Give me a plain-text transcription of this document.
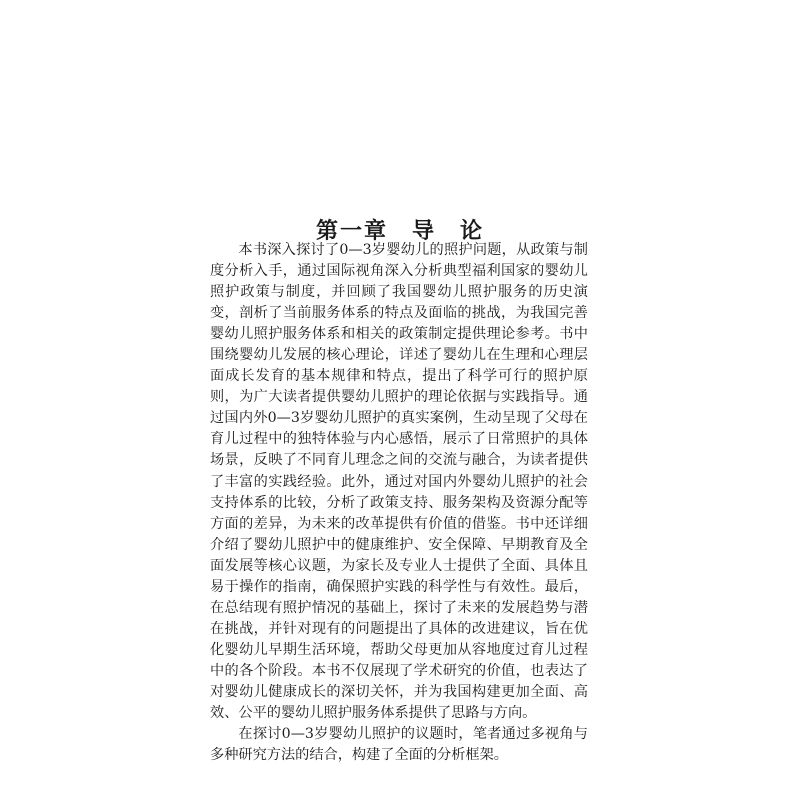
第一章　导　论

本书深入探讨了0—3岁婴幼儿的照护问题，从政策与制度分析入手，通过国际视角深入分析典型福利国家的婴幼儿照护政策与制度，并回顾了我国婴幼儿照护服务的历史演变，剖析了当前服务体系的特点及面临的挑战，为我国完善婴幼儿照护服务体系和相关的政策制定提供理论参考。书中围绕婴幼儿发展的核心理论，详述了婴幼儿在生理和心理层面成长发育的基本规律和特点，提出了科学可行的照护原则，为广大读者提供婴幼儿照护的理论依据与实践指导。通过国内外0—3岁婴幼儿照护的真实案例，生动呈现了父母在育儿过程中的独特体验与内心感悟，展示了日常照护的具体场景，反映了不同育儿理念之间的交流与融合，为读者提供了丰富的实践经验。此外，通过对国内外婴幼儿照护的社会支持体系的比较，分析了政策支持、服务架构及资源分配等方面的差异，为未来的改革提供有价值的借鉴。书中还详细介绍了婴幼儿照护中的健康维护、安全保障、早期教育及全面发展等核心议题，为家长及专业人士提供了全面、具体且易于操作的指南，确保照护实践的科学性与有效性。最后，在总结现有照护情况的基础上，探讨了未来的发展趋势与潜在挑战，并针对现有的问题提出了具体的改进建议，旨在优化婴幼儿早期生活环境，帮助父母更加从容地度过育儿过程中的各个阶段。本书不仅展现了学术研究的价值，也表达了对婴幼儿健康成长的深切关怀，并为我国构建更加全面、高效、公平的婴幼儿照护服务体系提供了思路与方向。

在探讨0—3岁婴幼儿照护的议题时，笔者通过多视角与多种研究方法的结合，构建了全面的分析框架。
